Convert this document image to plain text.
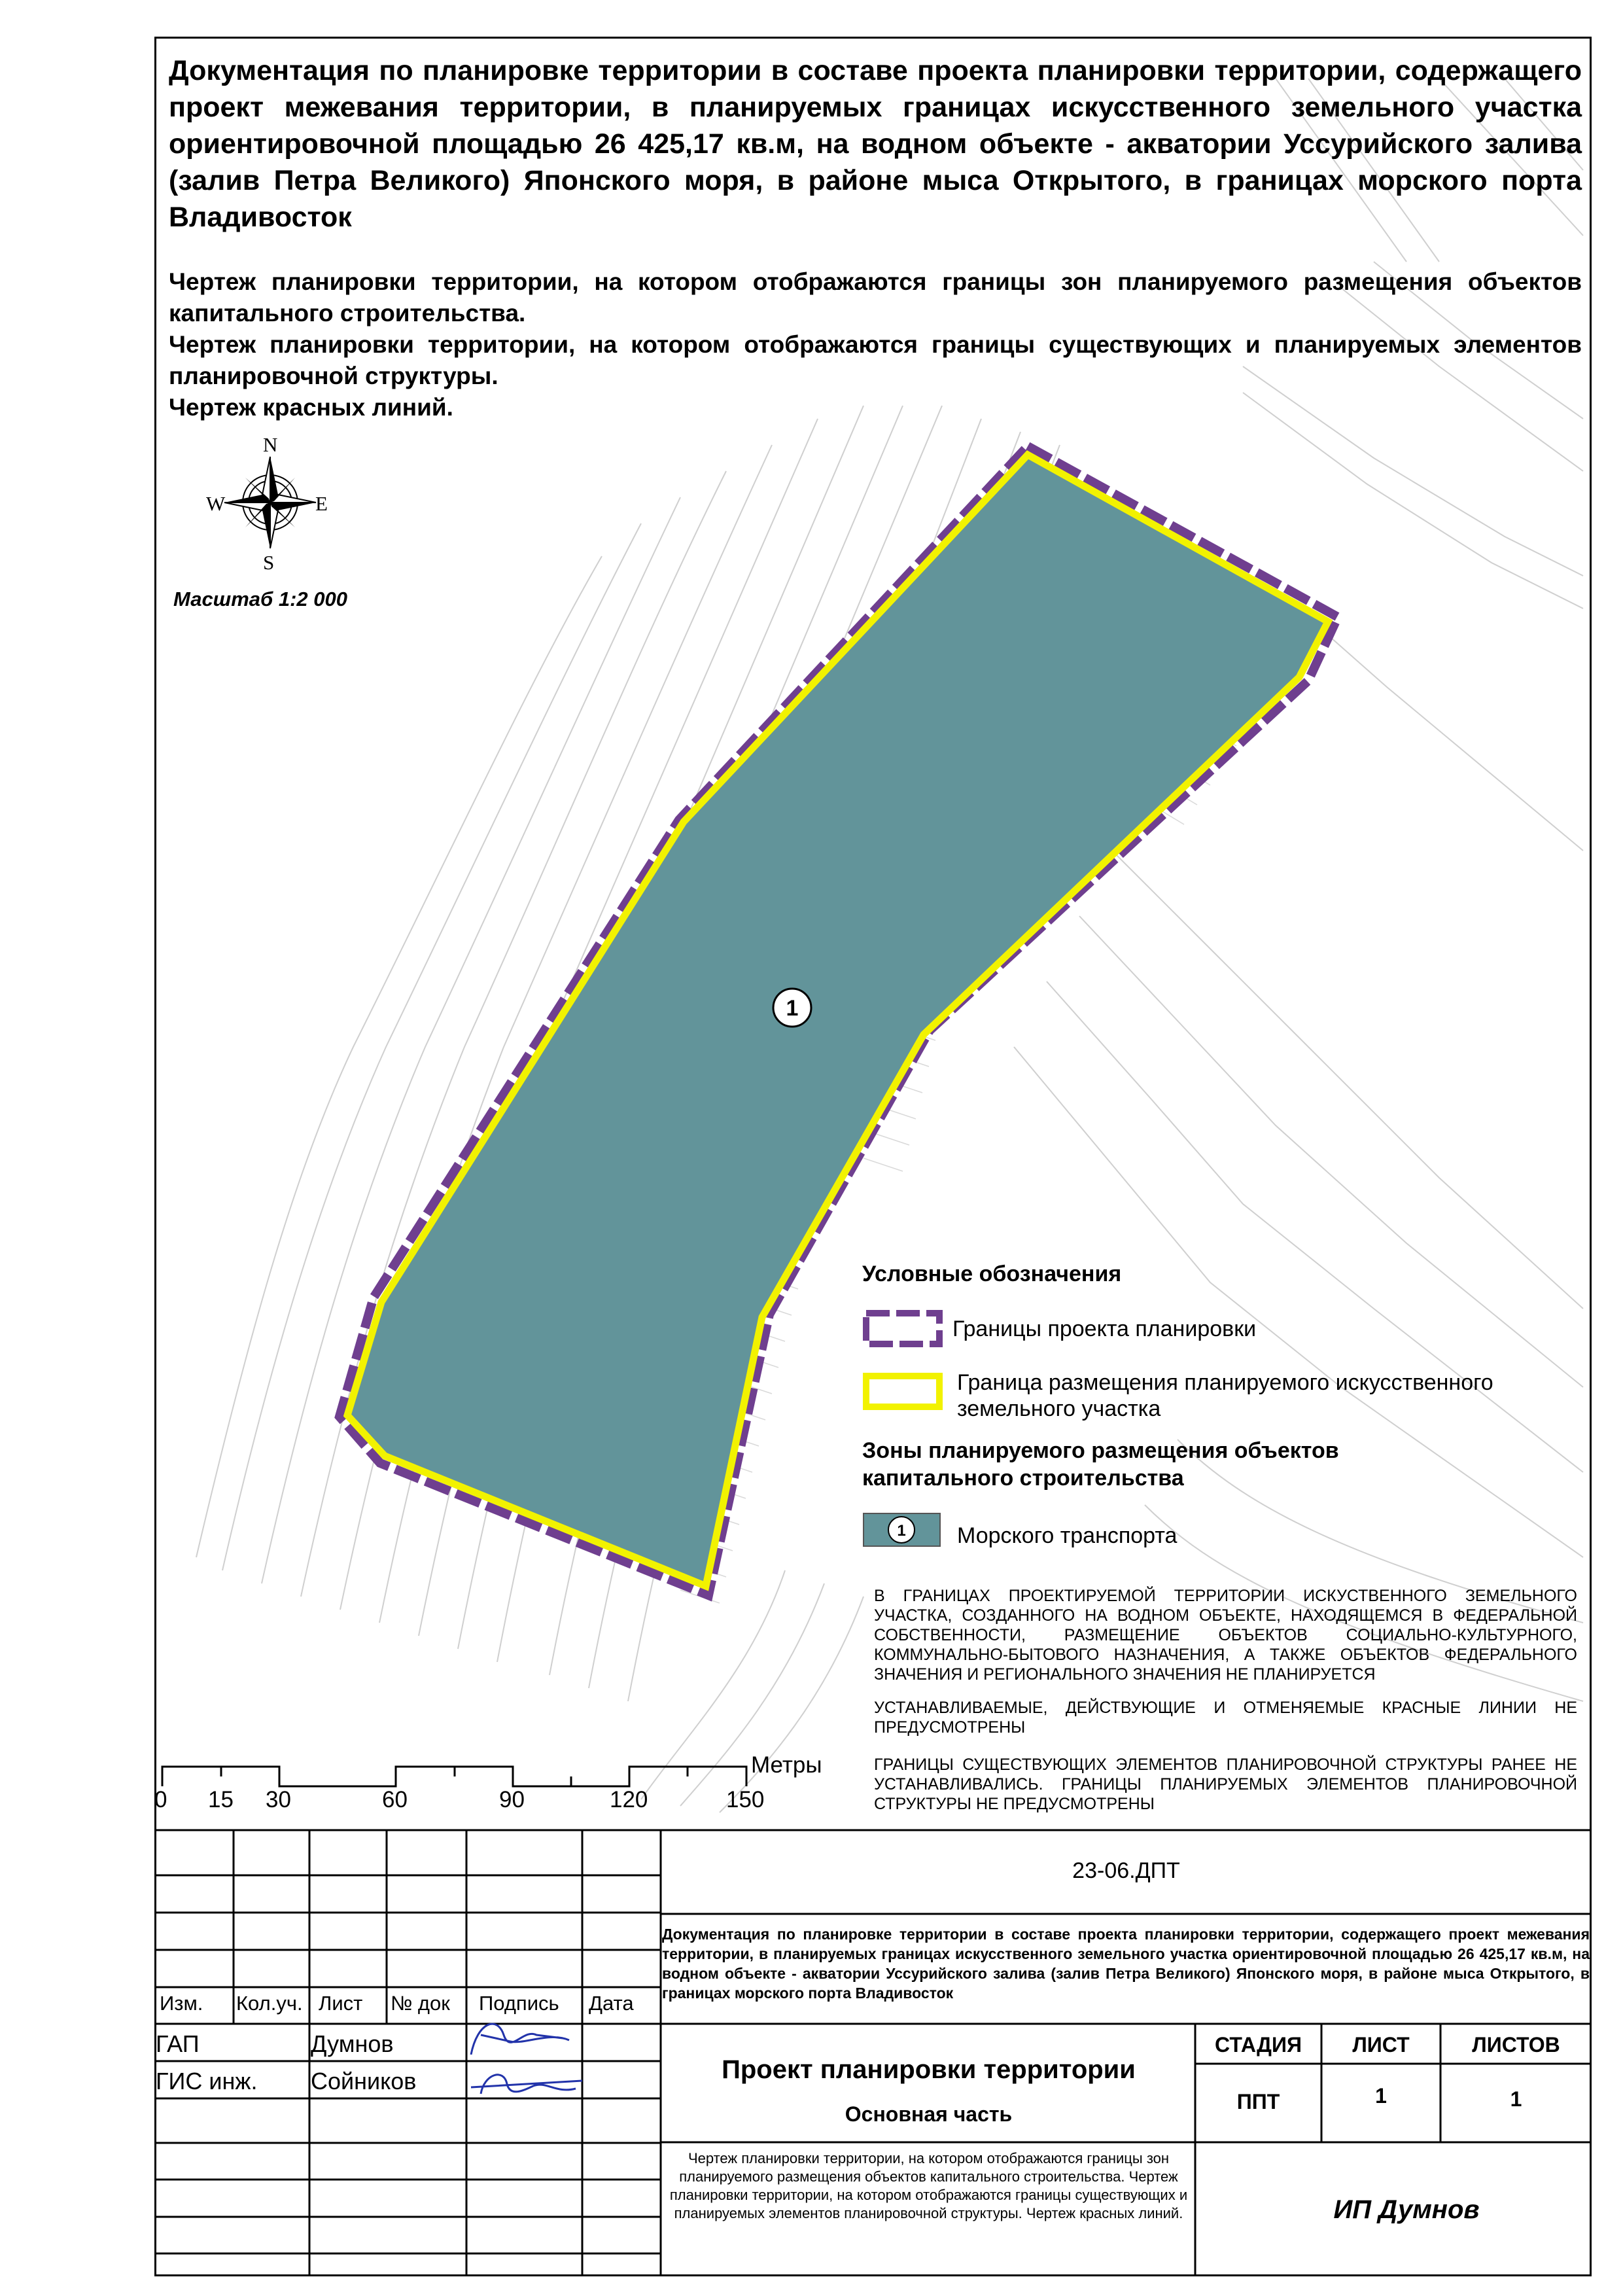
1
1
Документация по планировке территории в составе проекта планировки территории, содержащего проект межевания территории, в планируемых границах искусственного земельного участка ориентировочной площадью 26 425,17 кв.м, на водном объекте - акватории Уссурийского залива (залив Петра Великого) Японского моря, в районе мыса Открытого, в границах морского порта Владивосток
Чертеж планировки территории, на котором отображаются границы зон планируемого размещения объектов капитального строительства.
Чертеж планировки территории, на котором отображаются границы существующих и планируемых элементов планировочной структуры.
Чертеж красных линий.
N
S
E
W
Масштаб 1:2 000
Условные обозначения
Границы проекта планировки
Граница размещения планируемого искусственного
земельного участка
Зоны планируемого размещения объектов
капитального строительства
Морского транспорта
В ГРАНИЦАХ ПРОЕКТИРУЕМОЙ ТЕРРИТОРИИ ИСКУСТВЕННОГО ЗЕМЕЛЬНОГО УЧАСТКА, СОЗДАННОГО НА ВОДНОМ ОБЪЕКТЕ, НАХОДЯЩЕМСЯ В ФЕДЕРАЛЬНОЙ СОБСТВЕННОСТИ, РАЗМЕЩЕНИЕ ОБЪЕКТОВ СОЦИАЛЬНО-КУЛЬТУРНОГО, КОММУНАЛЬНО-БЫТОВОГО НАЗНАЧЕНИЯ, А ТАКЖЕ ОБЪЕКТОВ ФЕДЕРАЛЬНОГО ЗНАЧЕНИЯ И РЕГИОНАЛЬНОГО ЗНАЧЕНИЯ НЕ ПЛАНИРУЕТСЯ
УСТАНАВЛИВАЕМЫЕ, ДЕЙСТВУЮЩИЕ И ОТМЕНЯЕМЫЕ КРАСНЫЕ ЛИНИИ НЕ ПРЕДУСМОТРЕНЫ
ГРАНИЦЫ СУЩЕСТВУЮЩИХ ЭЛЕМЕНТОВ ПЛАНИРОВОЧНОЙ СТРУКТУРЫ РАНЕЕ НЕ УСТАНАВЛИВАЛИСЬ. ГРАНИЦЫ ПЛАНИРУЕМЫХ ЭЛЕМЕНТОВ ПЛАНИРОВОЧНОЙ СТРУКТУРЫ НЕ ПРЕДУСМОТРЕНЫ
Метры
0 15 30	60	90	120	150
23-06.ДПТ
Документация по планировке территории в составе проекта планировки территории, содержащего проект межевания территории, в планируемых границах искусственного земельного участка ориентировочной площадью 26 425,17 кв.м, на водном объекте - акватории Уссурийского залива (залив Петра Великого) Японского моря, в районе мыса Открытого, в границах морского порта Владивосток
Изм. Кол.уч. Лист № док Подпись Дата
ГАП	Думнов
ГИС инж. Сойников	Проект планировки территории
Основная часть
СТАДИЯ	ЛИСТ	ЛИСТОВ
ППТ	1	1
Чертеж планировки территории, на котором отображаются границы зон планируемого размещения объектов капитального строительства. Чертеж планировки территории, на котором отображаются границы существующих и планируемых элементов планировочной структуры. Чертеж красных линий.	ИП Думнов
